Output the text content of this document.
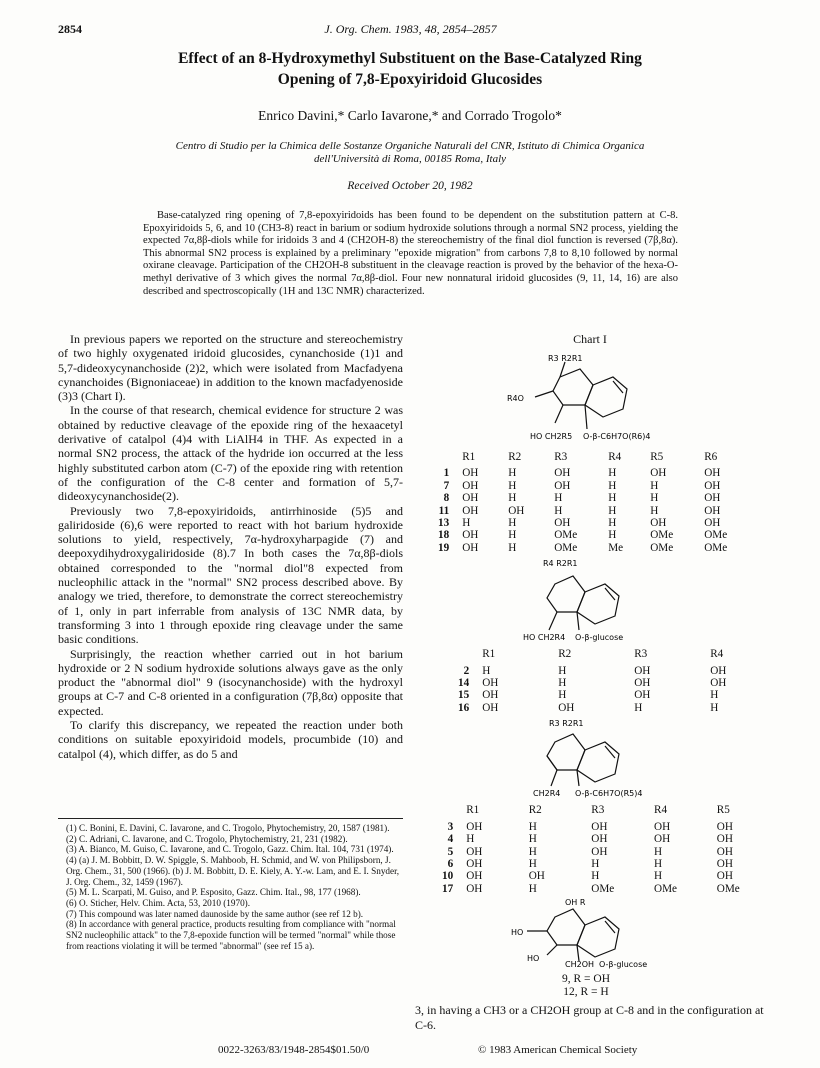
2854	J. Org. Chem. 1983, 48, 2854–2857
Effect of an 8-Hydroxymethyl Substituent on the Base-Catalyzed Ring
Opening of 7,8-Epoxyiridoid Glucosides
Enrico Davini,* Carlo Iavarone,* and Corrado Trogolo*
Centro di Studio per la Chimica delle Sostanze Organiche Naturali del CNR, Istituto di Chimica Organica
dell'Università di Roma, 00185 Roma, Italy
Received October 20, 1982

Base-catalyzed ring opening of 7,8-epoxyiridoids has been found to be dependent on the substitution pattern at C-8. Epoxyiridoids 5, 6, and 10 (CH3-8) react in barium or sodium hydroxide solutions through a normal SN2 process, yielding the expected 7α,8β-diols while for iridoids 3 and 4 (CH2OH-8) the stereochemistry of the final diol function is reversed (7β,8α). This abnormal SN2 process is explained by a preliminary "epoxide migration" from carbons 7,8 to 8,10 followed by normal oxirane cleavage. Participation of the CH2OH-8 substituent in the cleavage reaction is proved by the behavior of the hexa-O-methyl derivative of 3 which gives the normal 7α,8β-diol. Four new nonnatural iridoid glucosides (9, 11, 14, 16) are also described and spectroscopically (1H and 13C NMR) characterized.

In previous papers we reported on the structure and stereochemistry of two highly oxygenated iridoid glucosides, cynanchoside (1)1 and 5,7-dideoxycynanchoside (2)2, which were isolated from Macfadyena cynanchoides (Bignoniaceae) in addition to the known macfadyenoside (3)3 (Chart I).

In the course of that research, chemical evidence for structure 2 was obtained by reductive cleavage of the epoxide ring of the hexaacetyl derivative of catalpol (4)4 with LiAlH4 in THF. As expected in a normal SN2 process, the attack of the hydride ion occurred at the less highly substituted carbon atom (C-7) of the epoxide ring with retention of the configuration of the C-8 center and formation of 5,7-dideoxycynanchoside(2).

Previously two 7,8-epoxyiridoids, antirrhinoside (5)5 and galiridoside (6),6 were reported to react with hot barium hydroxide solutions to yield, respectively, 7α-hydroxyharpagide (7) and deepoxydihydroxygaliridoside (8).7 In both cases the 7α,8β-diols obtained corresponded to the "normal diol"8 expected from nucleophilic attack in the "normal" SN2 process described above. By analogy we tried, therefore, to demonstrate the correct stereochemistry of 1, only in part inferrable from analysis of 13C NMR data, by transforming 3 into 1 through epoxide ring cleavage under the same basic conditions.

Surprisingly, the reaction whether carried out in hot barium hydroxide or 2 N sodium hydroxide solutions always gave as the only product the "abnormal diol" 9 (isocynanchoside) with the hydroxyl groups at C-7 and C-8 oriented in a configuration (7β,8α) opposite that expected.

To clarify this discrepancy, we repeated the reaction under both conditions on suitable epoxyiridoid models, procumbide (10) and catalpol (4), which differ, as do 5 and

(1) C. Bonini, E. Davini, C. Iavarone, and C. Trogolo, Phytochemistry, 20, 1587 (1981).
(2) C. Adriani, C. Iavarone, and C. Trogolo, Phytochemistry, 21, 231 (1982).
(3) A. Bianco, M. Guiso, C. Iavarone, and C. Trogolo, Gazz. Chim. Ital. 104, 731 (1974).
(4) (a) J. M. Bobbitt, D. W. Spiggle, S. Mahboob, H. Schmid, and W. von Philipsborn, J. Org. Chem., 31, 500 (1966). (b) J. M. Bobbitt, D. E. Kiely, A. Y.-w. Lam, and E. I. Snyder, J. Org. Chem., 32, 1459 (1967).
(5) M. L. Scarpati, M. Guiso, and P. Esposito, Gazz. Chim. Ital., 98, 177 (1968).
(6) O. Sticher, Helv. Chim. Acta, 53, 2010 (1970).
(7) This compound was later named daunoside by the same author (see ref 12 b).
(8) In accordance with general practice, products resulting from compliance with "normal SN2 nucleophilic attack" to the 7,8-epoxide function will be termed "normal" while those from reactions violating it will be termed "abnormal" (see ref 15 a).
Chart I
R3 R2R1
R4O
HO CH2R5 O-β-C6H7O(R6)4
	R1	R2	R3	R4	R5	R6
1	OH	H	OH	H	OH	OH
7	OH	H	OH	H	H	OH
8	OH	H	H	H	H	OH
11	OH	OH	H	H	H	OH
13	H	H	OH	H	OH	OH
18	OH	H	OMe	H	OMe	OMe
19	OH	H	OMe	Me	OMe	OMe
R4 R2R1
HO CH2R4 O-β-glucose
	R1	R2	R3	R4
2	H	H	OH	OH
14	OH	H	OH	OH
15	OH	H	OH	H
16	OH	OH	H	H
R3 R2R1
CH2R4 O-β-C6H7O(R5)4
	R1	R2	R3	R4	R5
3	OH	H	OH	OH	OH
4	H	H	OH	OH	OH
5	OH	H	OH	H	OH
6	OH	H	H	H	OH
10	OH	OH	H	H	OH
17	OH	H	OMe	OMe	OMe
OH R
HO
HO
CH2OH O-β-glucose
9, R = OH
12, R = H
3, in having a CH3 or a CH2OH group at C-8 and in the configuration at C-6.
0022-3263/83/1948-2854$01.50/0	© 1983 American Chemical Society
